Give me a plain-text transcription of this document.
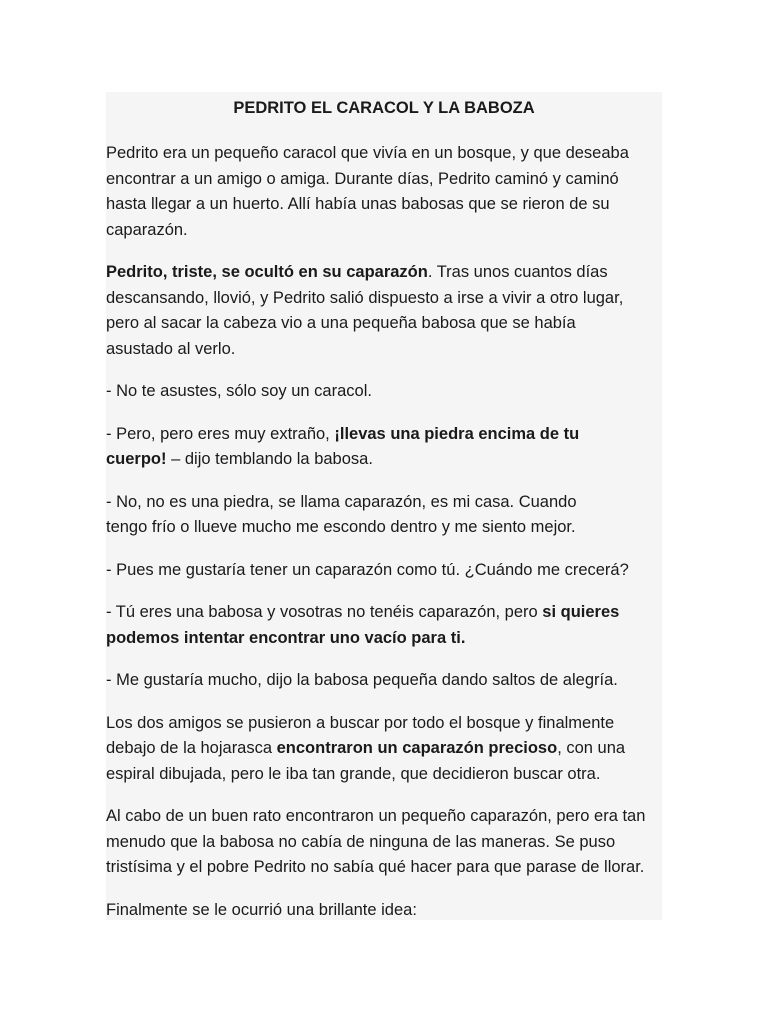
PEDRITO EL CARACOL Y LA BABOZA

Pedrito era un pequeño caracol que vivía en un bosque, y que deseaba
encontrar a un amigo o amiga. Durante días, Pedrito caminó y caminó
hasta llegar a un huerto. Allí había unas babosas que se rieron de su
caparazón.

Pedrito, triste, se ocultó en su caparazón. Tras unos cuantos días
descansando, llovió, y Pedrito salió dispuesto a irse a vivir a otro lugar,
pero al sacar la cabeza vio a una pequeña babosa que se había
asustado al verlo.

- No te asustes, sólo soy un caracol.

- Pero, pero eres muy extraño, ¡llevas una piedra encima de tu
cuerpo! – dijo temblando la babosa.

- No, no es una piedra, se llama caparazón, es mi casa. Cuando
tengo frío o llueve mucho me escondo dentro y me siento mejor.

- Pues me gustaría tener un caparazón como tú. ¿Cuándo me crecerá?

- Tú eres una babosa y vosotras no tenéis caparazón, pero si quieres
podemos intentar encontrar uno vacío para ti.

- Me gustaría mucho, dijo la babosa pequeña dando saltos de alegría.

Los dos amigos se pusieron a buscar por todo el bosque y finalmente
debajo de la hojarasca encontraron un caparazón precioso, con una
espiral dibujada, pero le iba tan grande, que decidieron buscar otra.

Al cabo de un buen rato encontraron un pequeño caparazón, pero era tan
menudo que la babosa no cabía de ninguna de las maneras. Se puso
tristísima y el pobre Pedrito no sabía qué hacer para que parase de llorar.

Finalmente se le ocurrió una brillante idea:
